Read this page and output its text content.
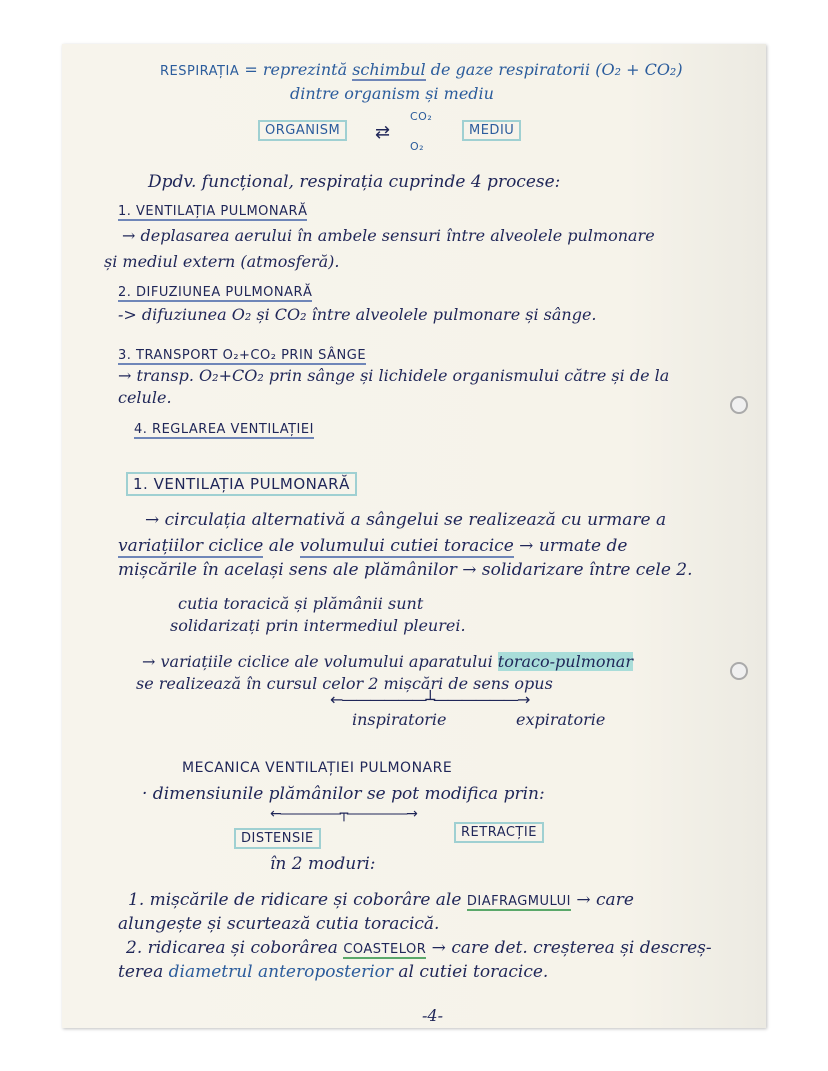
RESPIRAȚIA = reprezintă schimbul de gaze respiratorii (O₂ + CO₂)
dintre organism și mediu
ORGANISM
CO₂
⇄
O₂
MEDIU
Dpdv. funcțional, respirația cuprinde 4 procese:
1. VENTILAȚIA PULMONARĂ
→ deplasarea aerului în ambele sensuri între alveolele pulmonare
și mediul extern (atmosferă).
2. DIFUZIUNEA PULMONARĂ
-> difuziunea O₂ și CO₂ între alveolele pulmonare și sânge.
3. TRANSPORT O₂+CO₂ PRIN SÂNGE
→ transp. O₂+CO₂ prin sânge și lichidele organismului către și de la
celule.
4. REGLAREA VENTILAȚIEI
1. VENTILAȚIA PULMONARĂ
→ circulația alternativă a sângelui se realizează cu urmare a
variațiilor ciclice ale volumului cutiei toracice → urmate de
mișcările în același sens ale plămânilor → solidarizare între cele 2.
cutia toracică și plămânii sunt
solidarizați prin intermediul pleurei.
→ variațiile ciclice ale volumului aparatului toraco-pulmonar
se realizează în cursul celor 2 mișcări de sens opus
←——————┴——————→
inspiratorie	expiratorie
MECANICA VENTILAȚIEI PULMONARE
· dimensiunile plămânilor se pot modifica prin:
←—————┬—————→
DISTENSIE	RETRACȚIE
în 2 moduri:
1. mișcările de ridicare și coborâre ale DIAFRAGMULUI → care
alungește și scurtează cutia toracică.
2. ridicarea și coborârea COASTELOR → care det. creșterea și descreș-
terea diametrul anteroposterior al cutiei toracice.
-4-
